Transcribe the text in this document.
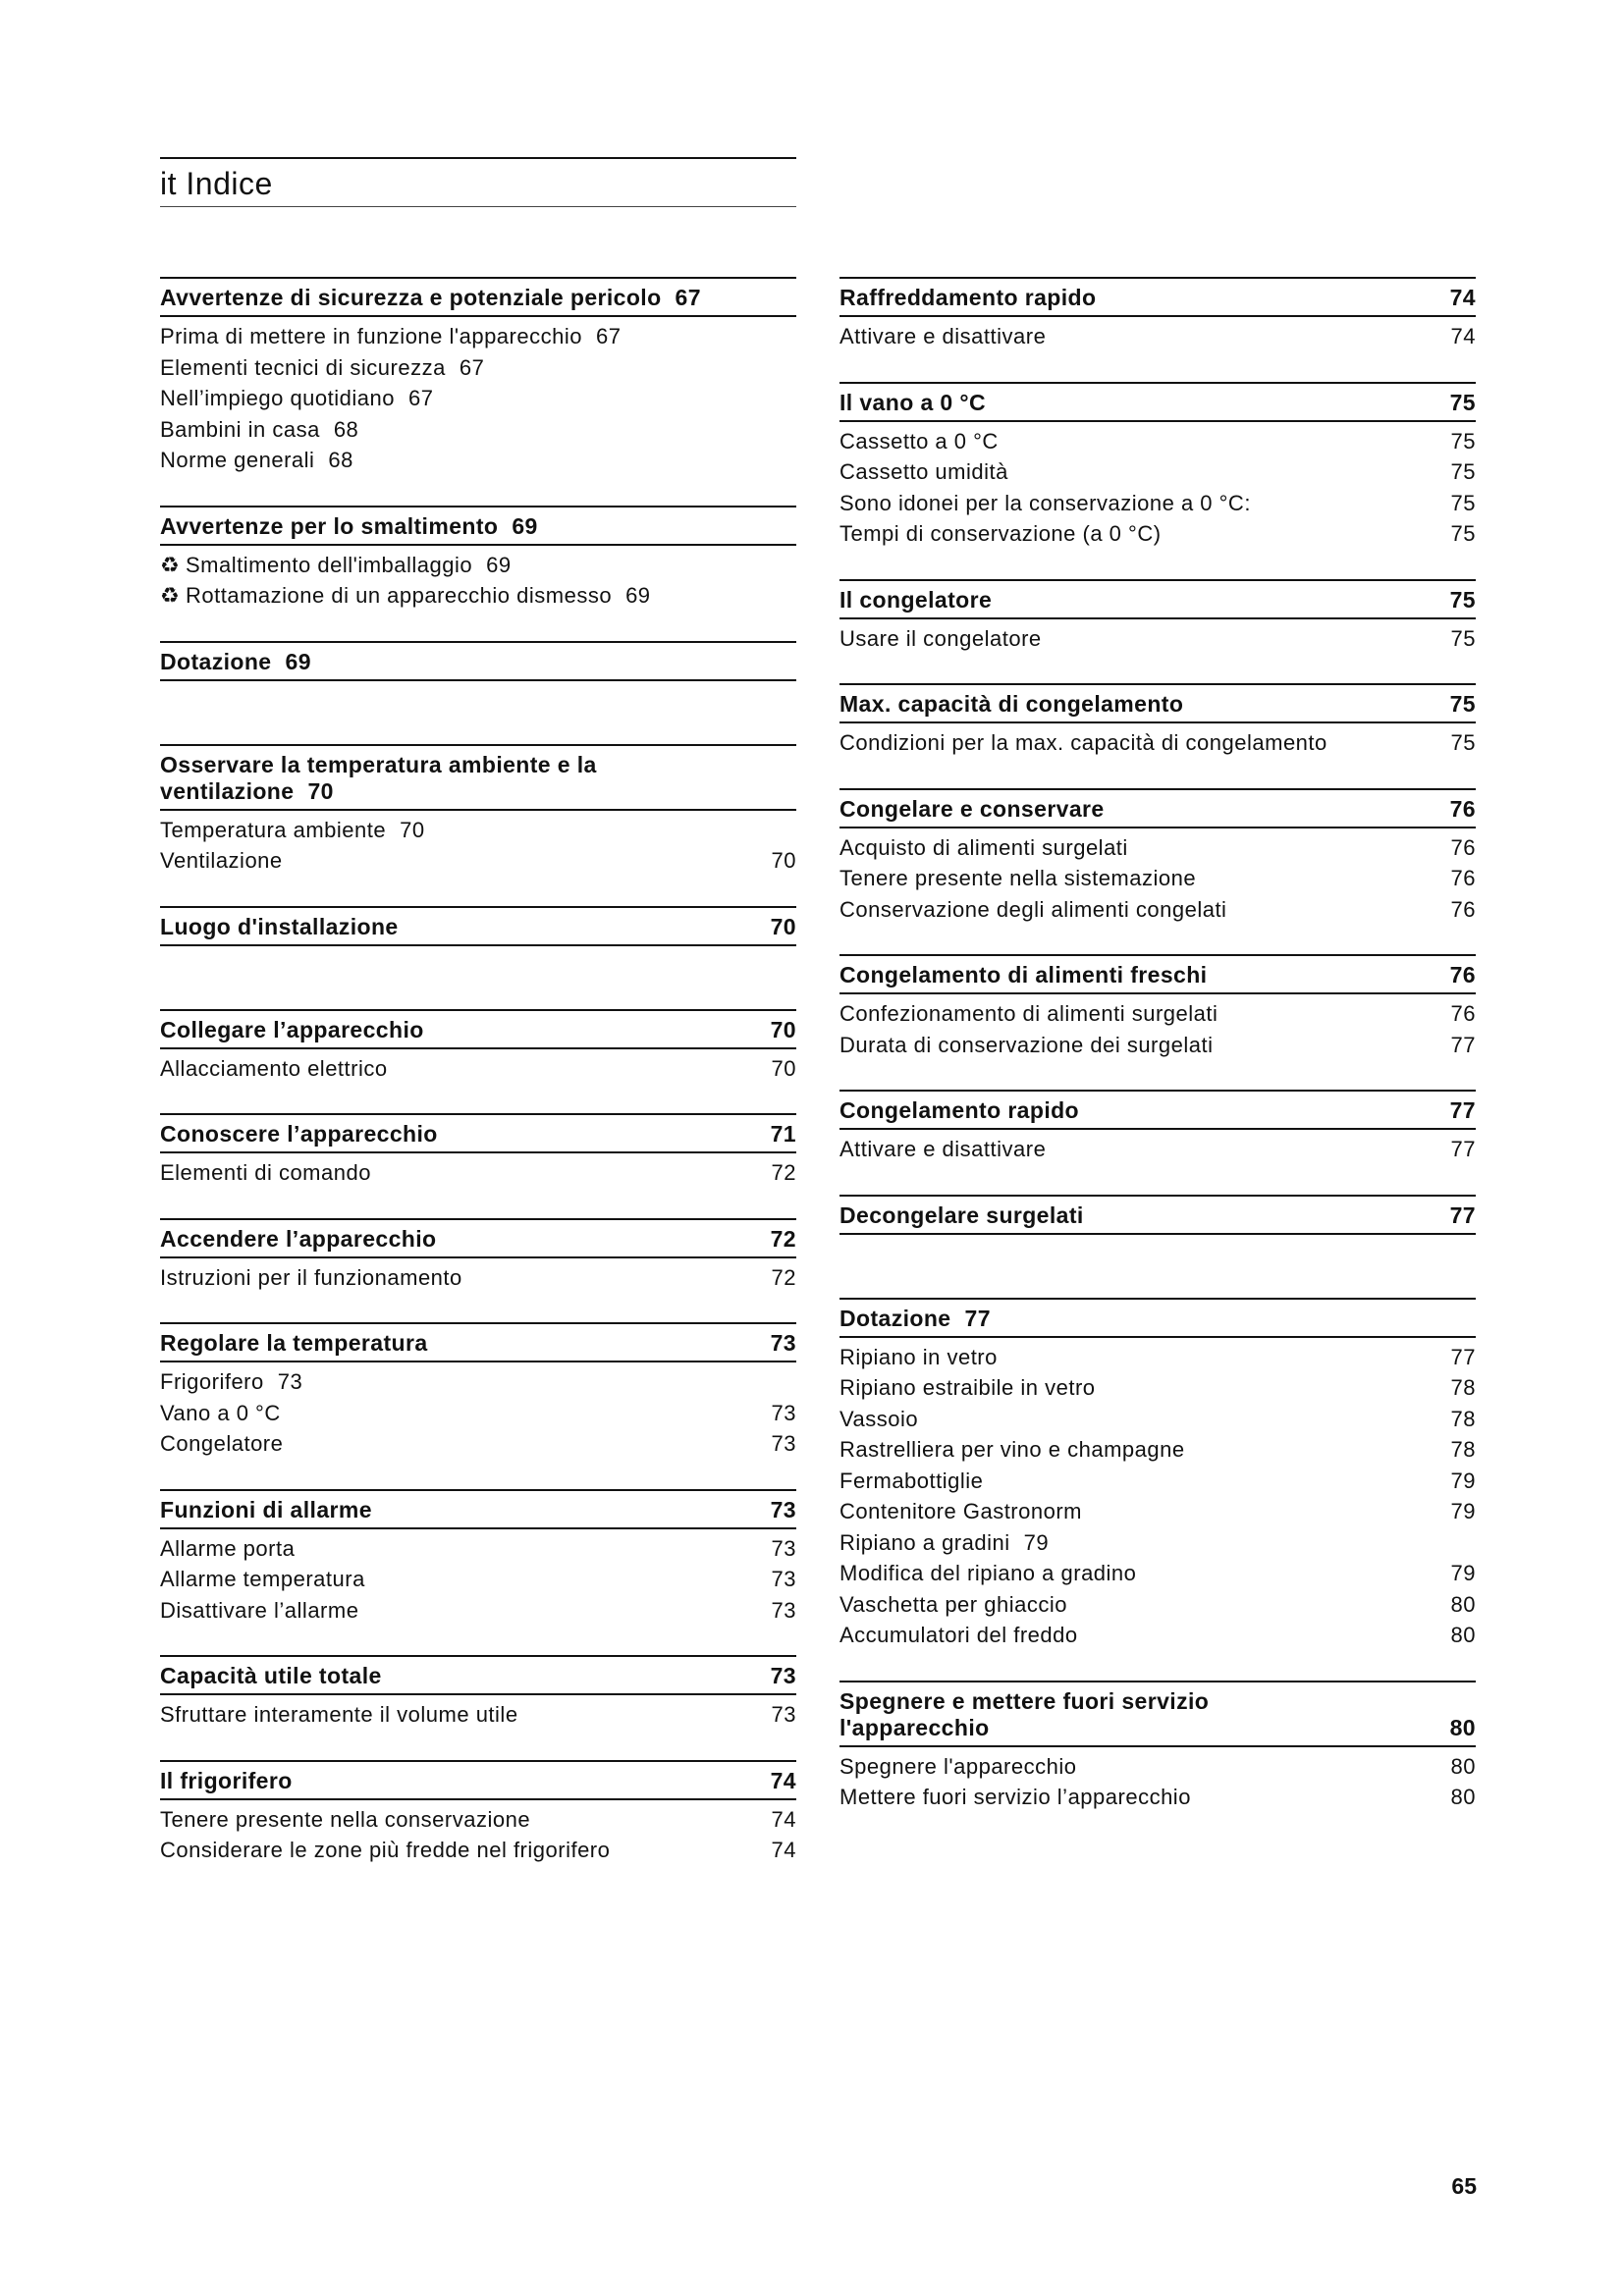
it Indice
Avvertenze di sicurezza e potenziale pericolo 67
Prima di mettere in funzione l'apparecchio 67
Elementi tecnici di sicurezza 67
Nell’impiego quotidiano 67
Bambini in casa 68
Norme generali 68
Avvertenze per lo smaltimento 69
♻ Smaltimento dell'imballaggio 69
♻ Rottamazione di un apparecchio dismesso 69
Dotazione 69
Osservare la temperatura ambiente e la ventilazione 70
Temperatura ambiente 70
Ventilazione	70
Luogo d'installazione	70
Collegare l’apparecchio	70
Allacciamento elettrico	70
Conoscere l’apparecchio	71
Elementi di comando	72
Accendere l’apparecchio	72
Istruzioni per il funzionamento	72
Regolare la temperatura	73
Frigorifero 73
Vano a 0 °C	73
Congelatore	73
Funzioni di allarme	73
Allarme porta	73
Allarme temperatura	73
Disattivare l’allarme	73
Capacità utile totale	73
Sfruttare interamente il volume utile	73
Il frigorifero	74
Tenere presente nella conservazione	74
Considerare le zone più fredde nel frigorifero	74
Raffreddamento rapido	74
Attivare e disattivare	74
Il vano a 0 °C	75
Cassetto a 0 °C	75
Cassetto umidità	75
Sono idonei per la conservazione a 0 °C:	75
Tempi di conservazione (a 0 °C)	75
Il congelatore	75
Usare il congelatore	75
Max. capacità di congelamento	75
Condizioni per la max. capacità di congelamento	75
Congelare e conservare	76
Acquisto di alimenti surgelati	76
Tenere presente nella sistemazione	76
Conservazione degli alimenti congelati	76
Congelamento di alimenti freschi	76
Confezionamento di alimenti surgelati	76
Durata di conservazione dei surgelati	77
Congelamento rapido	77
Attivare e disattivare	77
Decongelare surgelati	77
Dotazione 77
Ripiano in vetro	77
Ripiano estraibile in vetro	78
Vassoio	78
Rastrelliera per vino e champagne	78
Fermabottiglie	79
Contenitore Gastronorm	79
Ripiano a gradini 79
Modifica del ripiano a gradino	79
Vaschetta per ghiaccio	80
Accumulatori del freddo	80
Spegnere e mettere fuori servizio l'apparecchio	80
Spegnere l'apparecchio	80
Mettere fuori servizio l’apparecchio	80
65
